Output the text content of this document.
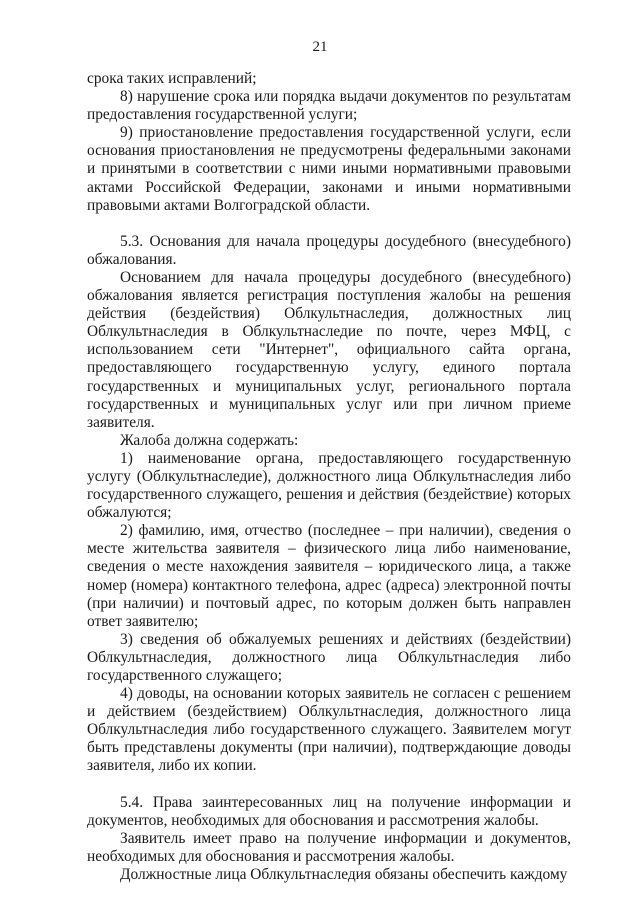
21

срока таких исправлений;

8) нарушение срока или порядка выдачи документов по результатам предоставления государственной услуги;

9) приостановление предоставления государственной услуги, если основания приостановления не предусмотрены федеральными законами и принятыми в соответствии с ними иными нормативными правовыми актами Российской Федерации, законами и иными нормативными правовыми актами Волгоградской области.

5.3. Основания для начала процедуры досудебного (внесудебного) обжалования.

Основанием для начала процедуры досудебного (внесудебного) обжалования является регистрация поступления жалобы на решения действия (бездействия) Облкультнаследия, должностных лиц Облкультнаследия в Облкультнаследие по почте, через МФЦ, с использованием сети "Интернет", официального сайта органа, предоставляющего государственную услугу, единого портала государственных и муниципальных услуг, регионального портала государственных и муниципальных услуг или при личном приеме заявителя.

Жалоба должна содержать:

1) наименование органа, предоставляющего государственную услугу (Облкультнаследие), должностного лица Облкультнаследия либо государственного служащего, решения и действия (бездействие) которых обжалуются;

2) фамилию, имя, отчество (последнее – при наличии), сведения о месте жительства заявителя – физического лица либо наименование, сведения о месте нахождения заявителя – юридического лица, а также номер (номера) контактного телефона, адрес (адреса) электронной почты (при наличии) и почтовый адрес, по которым должен быть направлен ответ заявителю;

3) сведения об обжалуемых решениях и действиях (бездействии) Облкультнаследия, должностного лица Облкультнаследия либо государственного служащего;

4) доводы, на основании которых заявитель не согласен с решением и действием (бездействием) Облкультнаследия, должностного лица Облкультнаследия либо государственного служащего. Заявителем могут быть представлены документы (при наличии), подтверждающие доводы заявителя, либо их копии.

5.4. Права заинтересованных лиц на получение информации и документов, необходимых для обоснования и рассмотрения жалобы.

Заявитель имеет право на получение информации и документов, необходимых для обоснования и рассмотрения жалобы.

Должностные лица Облкультнаследия обязаны обеспечить каждому
